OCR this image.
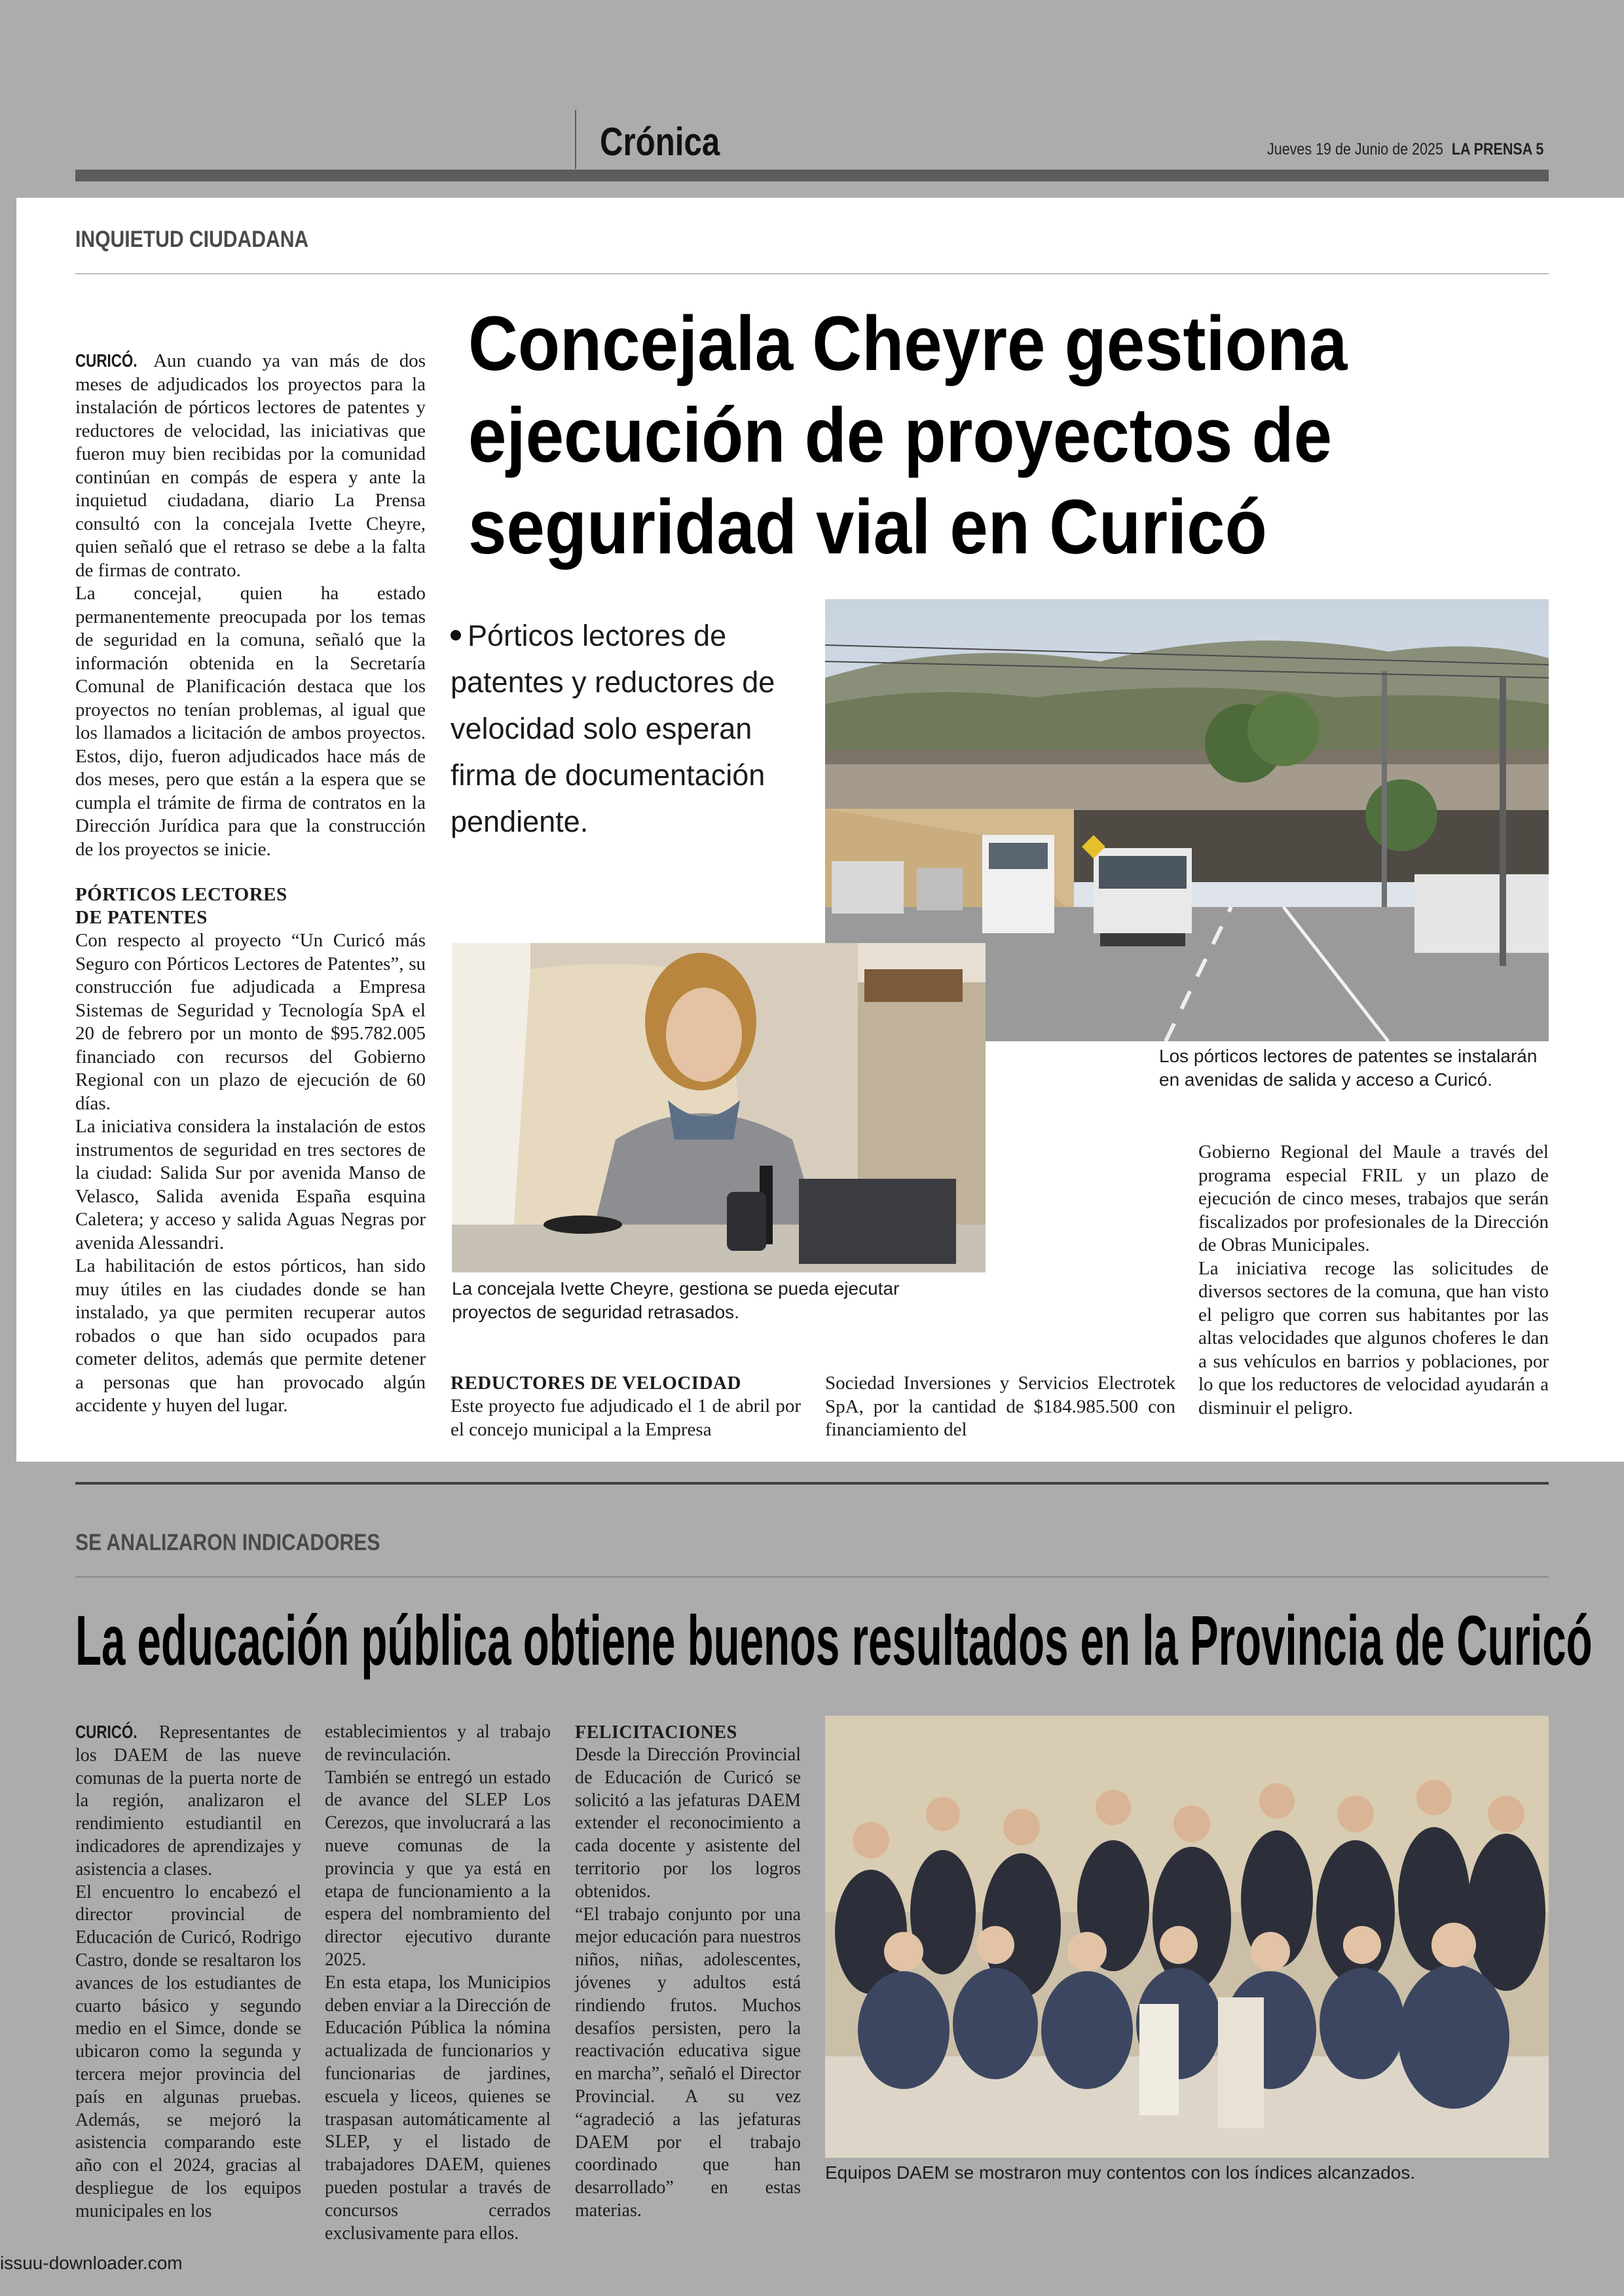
Crónica	Jueves 19 de Junio de 2025 LA PRENSA 5
INQUIETUD CIUDADANA
Concejala Cheyre gestiona
ejecución de proyectos de
seguridad vial en Curicó

CURICÓ. Aun cuando ya van más de dos meses de adjudicados los proyectos para la instalación de pórticos lectores de patentes y reductores de velocidad, las iniciativas que fueron muy bien recibidas por la comunidad continúan en compás de espera y ante la inquietud ciudadana, diario La Prensa consultó con la concejala Ivette Cheyre, quien señaló que el retraso se debe a la falta de firmas de contrato.

La concejal, quien ha estado permanentemente preocupada por los temas de seguridad en la comuna, señaló que la información obtenida en la Secretaría Comunal de Planificación destaca que los proyectos no tenían problemas, al igual que los llamados a licitación de ambos proyectos. Estos, dijo, fueron adjudicados hace más de dos meses, pero que están a la espera que se cumpla el trámite de firma de contratos en la Dirección Jurídica para que la construcción de los proyectos se inicie.

PÓRTICOS LECTORES DE PATENTES

Con respecto al proyecto “Un Curicó más Seguro con Pórticos Lectores de Patentes”, su construcción fue adjudicada a Empresa Sistemas de Seguridad y Tecnología SpA el 20 de febrero por un monto de $95.782.005 financiado con recursos del Gobierno Regional con un plazo de ejecución de 60 días.

La iniciativa considera la instalación de estos instrumentos de seguridad en tres sectores de la ciudad: Salida Sur por avenida Manso de Velasco, Salida avenida España esquina Caletera; y acceso y salida Aguas Negras por avenida Alessandri.

La habilitación de estos pórticos, han sido muy útiles en las ciudades donde se han instalado, ya que permiten recuperar autos robados o que han sido ocupados para cometer delitos, además que permite detener a personas que han provocado algún accidente y huyen del lugar.

Pórticos lectores de patentes y reductores de velocidad solo esperan firma de documentación pendiente.
Los pórticos lectores de patentes se instalarán en avenidas de salida y acceso a Curicó.
La concejala Ivette Cheyre, gestiona se pueda ejecutar proyectos de seguridad retrasados.
REDUCTORES DE VELOCIDAD

Este proyecto fue adjudicado el 1 de abril por el concejo municipal a la Empresa

Sociedad Inversiones y Servicios Electrotek SpA, por la cantidad de $184.985.500 con financiamiento del

Gobierno Regional del Maule a través del programa especial FRIL y un plazo de ejecución de cinco meses, trabajos que serán fiscalizados por profesionales de la Dirección de Obras Municipales.

La iniciativa recoge las solicitudes de diversos sectores de la comuna, que han visto el peligro que corren sus habitantes por las altas velocidades que algunos choferes le dan a sus vehículos en barrios y poblaciones, por lo que los reductores de velocidad ayudarán a disminuir el peligro.

SE ANALIZARON INDICADORES
La educación pública obtiene buenos resultados en la Provincia de Curicó

CURICÓ. Representantes de los DAEM de las nueve comunas de la puerta norte de la región, analizaron el rendimiento estudiantil en indicadores de aprendizajes y asistencia a clases.

El encuentro lo encabezó el director provincial de Educación de Curicó, Rodrigo Castro, donde se resaltaron los avances de los estudiantes de cuarto básico y segundo medio en el Simce, donde se ubicaron como la segunda y tercera mejor provincia del país en algunas pruebas. Además, se mejoró la asistencia comparando este año con el 2024, gracias al despliegue de los equipos municipales en los

establecimientos y al trabajo de revinculación.

También se entregó un estado de avance del SLEP Los Cerezos, que involucrará a las nueve comunas de la provincia y que ya está en etapa de funcionamiento a la espera del nombramiento del director ejecutivo durante 2025.

En esta etapa, los Municipios deben enviar a la Dirección de Educación Pública la nómina actualizada de funcionarios y funcionarias de jardines, escuela y liceos, quienes se traspasan automáticamente al SLEP, y el listado de trabajadores DAEM, quienes pueden postular a través de concursos cerrados exclusivamente para ellos.

FELICITACIONES

Desde la Dirección Provincial de Educación de Curicó se solicitó a las jefaturas DAEM extender el reconocimiento a cada docente y asistente del territorio por los logros obtenidos.

“El trabajo conjunto por una mejor educación para nuestros niños, niñas, adolescentes, jóvenes y adultos está rindiendo frutos. Muchos desafíos persisten, pero la reactivación educativa sigue en marcha”, señaló el Director Provincial. A su vez “agradeció a las jefaturas DAEM por el trabajo coordinado que han desarrollado” en estas materias.

Equipos DAEM se mostraron muy contentos con los índices alcanzados.
issuu-downloader.com
